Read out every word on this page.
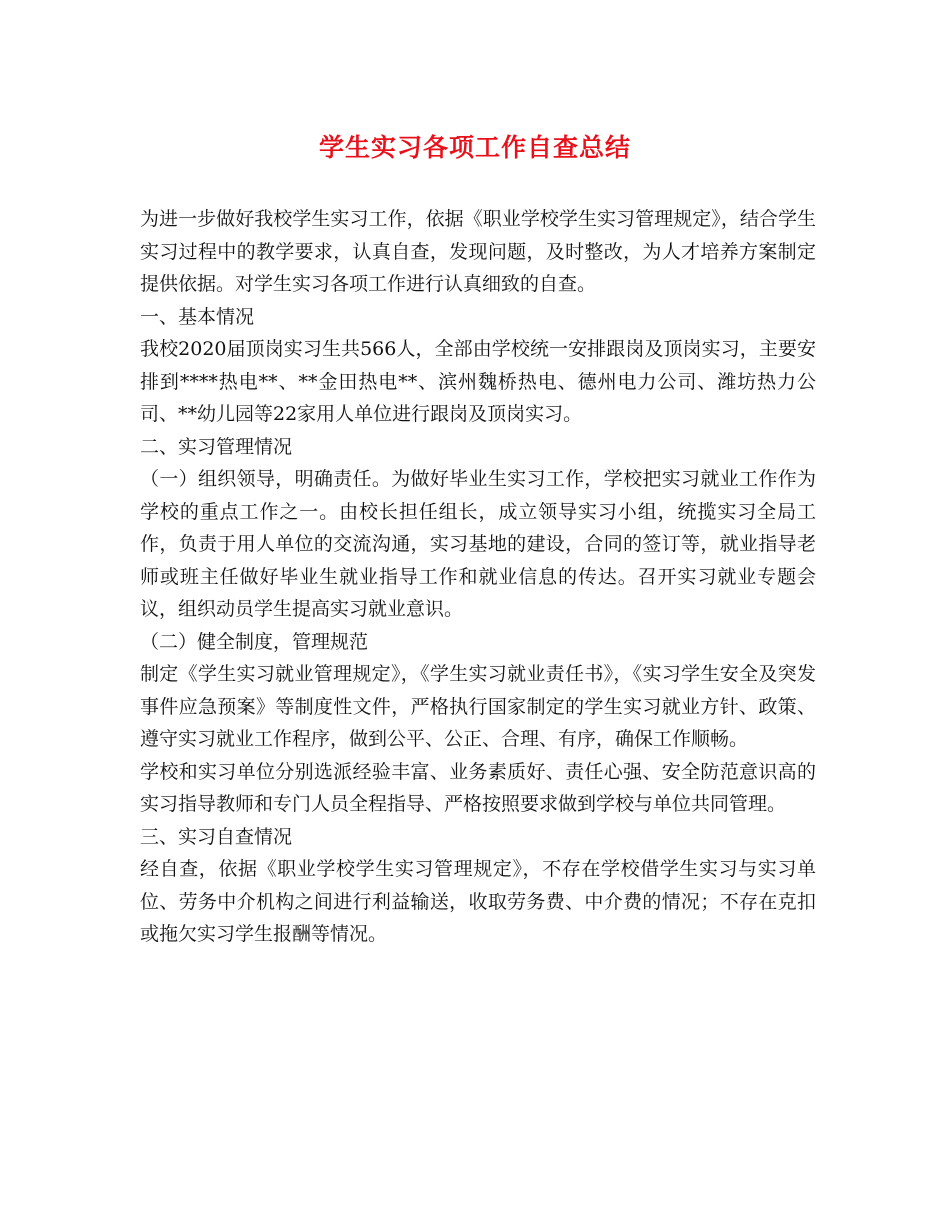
学生实习各项工作自查总结

为进一步做好我校学生实习工作，依据《职业学校学生实习管理规定》，结合学生实习过程中的教学要求，认真自查，发现问题，及时整改，为人才培养方案制定提供依据。对学生实习各项工作进行认真细致的自查。

一、基本情况

我校2020届顶岗实习生共566人，全部由学校统一安排跟岗及顶岗实习，主要安排到****热电**、**金田热电**、滨州魏桥热电、德州电力公司、潍坊热力公司、**幼儿园等22家用人单位进行跟岗及顶岗实习。

二、实习管理情况

（一）组织领导，明确责任。为做好毕业生实习工作，学校把实习就业工作作为学校的重点工作之一。由校长担任组长，成立领导实习小组，统揽实习全局工作，负责于用人单位的交流沟通，实习基地的建设，合同的签订等，就业指导老师或班主任做好毕业生就业指导工作和就业信息的传达。召开实习就业专题会议，组织动员学生提高实习就业意识。

（二）健全制度，管理规范

制定《学生实习就业管理规定》，《学生实习就业责任书》，《实习学生安全及突发事件应急预案》等制度性文件，严格执行国家制定的学生实习就业方针、政策、遵守实习就业工作程序，做到公平、公正、合理、有序，确保工作顺畅。

学校和实习单位分别选派经验丰富、业务素质好、责任心强、安全防范意识高的实习指导教师和专门人员全程指导、严格按照要求做到学校与单位共同管理。

三、实习自查情况

经自查，依据《职业学校学生实习管理规定》，不存在学校借学生实习与实习单位、劳务中介机构之间进行利益输送，收取劳务费、中介费的情况；不存在克扣或拖欠实习学生报酬等情况。
